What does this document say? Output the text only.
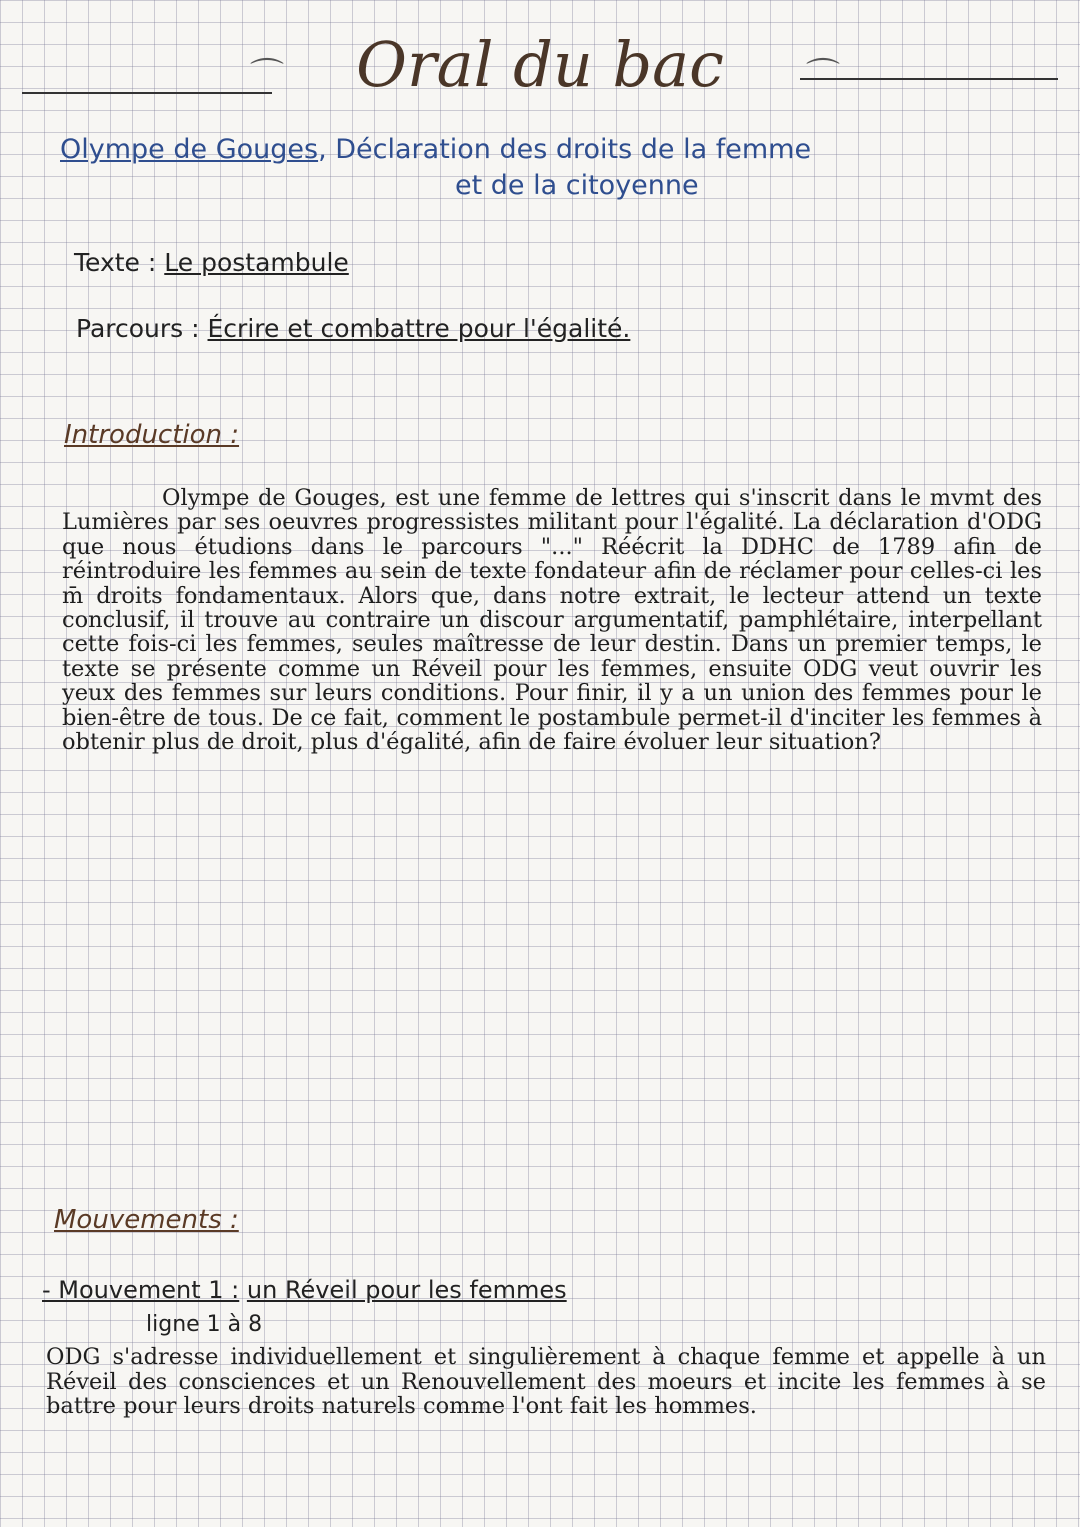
⌒	⌒
Oral du bac
Olympe de Gouges, Déclaration des droits de la femme
et de la citoyenne
Texte : Le postambule
Parcours : Écrire et combattre pour l'égalité.
Introduction :
Olympe de Gouges, est une femme de lettres qui s'inscrit dans le mvmt des Lumières par ses oeuvres progressistes militant pour l'égalité. La déclaration d'ODG que nous étudions dans le parcours "..." Réécrit la DDHC de 1789 afin de réintroduire les femmes au sein de texte fondateur afin de réclamer pour celles-ci les m̄ droits fondamentaux. Alors que, dans notre extrait, le lecteur attend un texte conclusif, il trouve au contraire un discour argumentatif, pamphlétaire, interpellant cette fois-ci les femmes, seules maîtresse de leur destin. Dans un premier temps, le texte se présente comme un Réveil pour les femmes, ensuite ODG veut ouvrir les yeux des femmes sur leurs conditions. Pour finir, il y a un union des femmes pour le bien-être de tous. De ce fait, comment le postambule permet-il d'inciter les femmes à obtenir plus de droit, plus d'égalité, afin de faire évoluer leur situation?
Mouvements :
- Mouvement 1 : un Réveil pour les femmes
ligne 1 à 8
ODG s'adresse individuellement et singulièrement à chaque femme et appelle à un Réveil des consciences et un Renouvellement des moeurs et incite les femmes à se battre pour leurs droits naturels comme l'ont fait les hommes.
